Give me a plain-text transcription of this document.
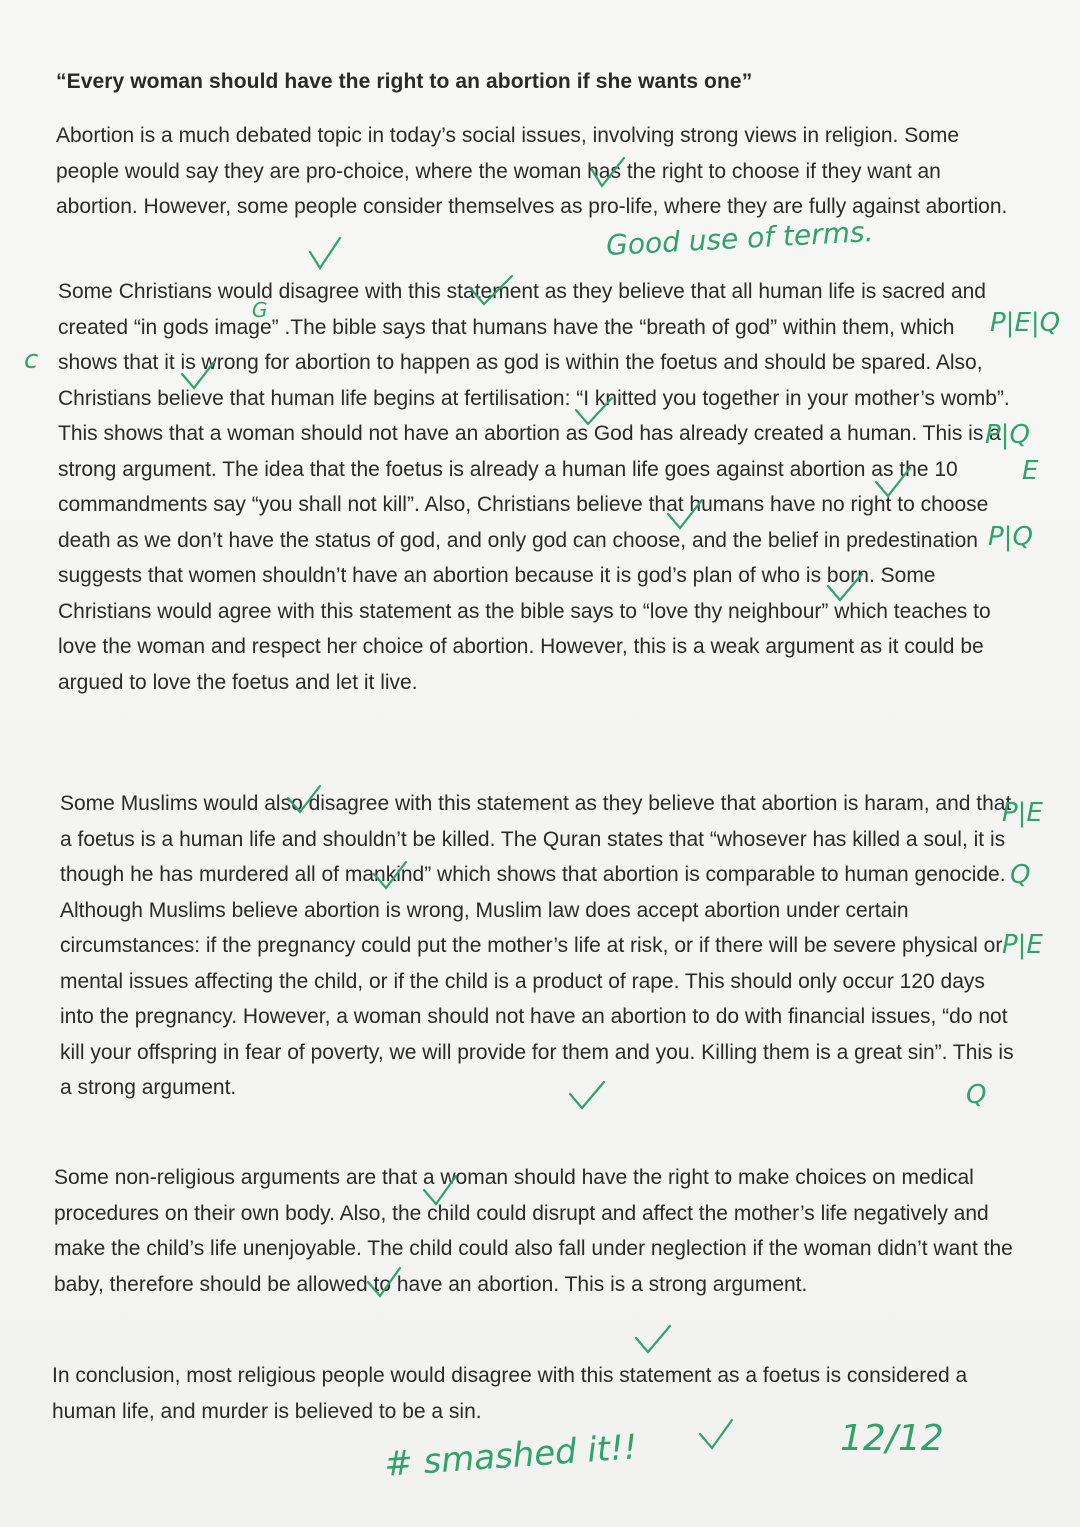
“Every woman should have the right to an abortion if she wants one”

Abortion is a much debated topic in today’s social issues, involving strong views in religion. Some people would say they are pro-choice, where the woman has the right to choose if they want an abortion. However, some people consider themselves as pro-life, where they are fully against abortion.

Some Christians would disagree with this statement as they believe that all human life is sacred and created “in gods image” .The bible says that humans have the “breath of god” within them, which shows that it is wrong for abortion to happen as god is within the foetus and should be spared. Also, Christians believe that human life begins at fertilisation: “I knitted you together in your mother’s womb”. This shows that a woman should not have an abortion as God has already created a human. This is a strong argument. The idea that the foetus is already a human life goes against abortion as the 10 commandments say “you shall not kill”. Also, Christians believe that humans have no right to choose death as we don’t have the status of god, and only god can choose, and the belief in predestination suggests that women shouldn’t have an abortion because it is god’s plan of who is born. Some Christians would agree with this statement as the bible says to “love thy neighbour” which teaches to love the woman and respect her choice of abortion. However, this is a weak argument as it could be argued to love the foetus and let it live.

Some Muslims would also disagree with this statement as they believe that abortion is haram, and that a foetus is a human life and shouldn’t be killed. The Quran states that “whosever has killed a soul, it is though he has murdered all of mankind” which shows that abortion is comparable to human genocide. Although Muslims believe abortion is wrong, Muslim law does accept abortion under certain circumstances: if the pregnancy could put the mother’s life at risk, or if there will be severe physical or mental issues affecting the child, or if the child is a product of rape. This should only occur 120 days into the pregnancy. However, a woman should not have an abortion to do with financial issues, “do not kill your offspring in fear of poverty, we will provide for them and you. Killing them is a great sin”. This is a strong argument.

Some non-religious arguments are that a woman should have the right to make choices on medical procedures on their own body. Also, the child could disrupt and affect the mother’s life negatively and make the child’s life unenjoyable. The child could also fall under neglection if the woman didn’t want the baby, therefore should be allowed to have an abortion. This is a strong argument.

In conclusion, most religious people would disagree with this statement as a foetus is considered a human life, and murder is believed to be a sin.

Good use of terms.
c
G	P|E|Q
P|Q
E
P|Q
P|E
Q
P|E
Q
# smashed it!!	12/12
